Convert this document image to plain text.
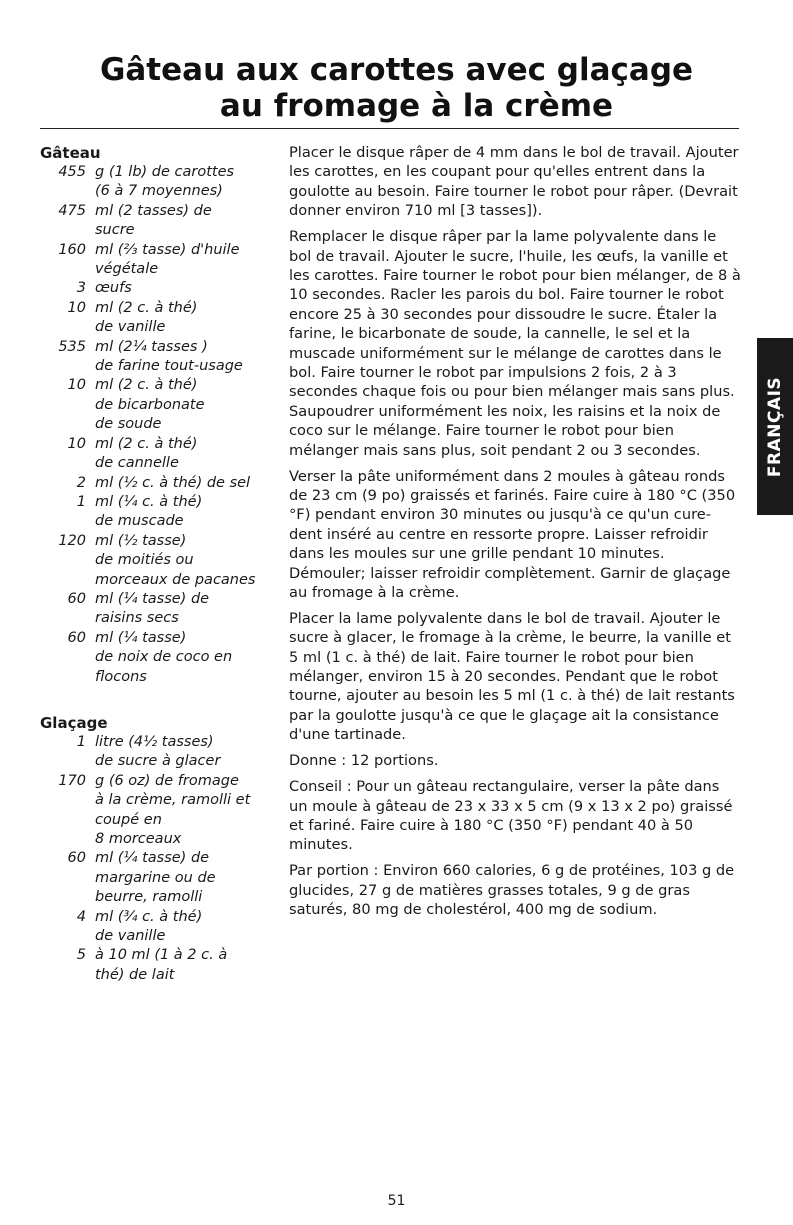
Gâteau aux carottes avec glaçage
au fromage à la crème
Gâteau
455 g (1 lb) de carottes
(6 à 7 moyennes)
475 ml (2 tasses) de
sucre
160 ml (⅔ tasse) d'huile
végétale
3 œufs
10 ml (2 c. à thé)
de vanille
535 ml (2¼ tasses )
de farine tout-usage
10 ml (2 c. à thé)
de bicarbonate
de soude
10 ml (2 c. à thé)
de cannelle
2 ml (½ c. à thé) de sel
1 ml (¼ c. à thé)
de muscade
120 ml (½ tasse)
de moitiés ou
morceaux de pacanes
60 ml (¼ tasse) de
raisins secs
60 ml (¼ tasse)
de noix de coco en
flocons
Glaçage
1 litre (4½ tasses)
de sucre à glacer
170 g (6 oz) de fromage
à la crème, ramolli et
coupé en
8 morceaux
60 ml (¼ tasse) de
margarine ou de
beurre, ramolli
4 ml (¾ c. à thé)
de vanille
5 à 10 ml (1 à 2 c. à
thé) de lait

Placer le disque râper de 4 mm dans le bol de travail. Ajouter les carottes, en les coupant pour qu'elles entrent dans la goulotte au besoin. Faire tourner le robot pour râper. (Devrait donner environ 710 ml [3 tasses]).

Remplacer le disque râper par la lame polyvalente dans le bol de travail. Ajouter le sucre, l'huile, les œufs, la vanille et les carottes. Faire tourner le robot pour bien mélanger, de 8 à 10 secondes. Racler les parois du bol. Faire tourner le robot encore 25 à 30 secondes pour dissoudre le sucre. Étaler la farine, le bicarbonate de soude, la cannelle, le sel et la muscade uniformément sur le mélange de carottes dans le bol. Faire tourner le robot par impulsions 2 fois, 2 à 3 secondes chaque fois ou pour bien mélanger mais sans plus. Saupoudrer uniformément les noix, les raisins et la noix de coco sur le mélange. Faire tourner le robot pour bien mélanger mais sans plus, soit pendant 2 ou 3 secondes.

Verser la pâte uniformément dans 2 moules à gâteau ronds de 23 cm (9 po) graissés et farinés. Faire cuire à 180 °C (350 °F) pendant environ 30 minutes ou jusqu'à ce qu'un cure-dent inséré au centre en ressorte propre. Laisser refroidir dans les moules sur une grille pendant 10 minutes. Démouler; laisser refroidir complètement. Garnir de glaçage au fromage à la crème.

Placer la lame polyvalente dans le bol de travail. Ajouter le sucre à glacer, le fromage à la crème, le beurre, la vanille et 5 ml (1 c. à thé) de lait. Faire tourner le robot pour bien mélanger, environ 15 à 20 secondes. Pendant que le robot tourne, ajouter au besoin les 5 ml (1 c. à thé) de lait restants par la goulotte jusqu'à ce que le glaçage ait la consistance d'une tartinade.

Donne : 12 portions.

Conseil : Pour un gâteau rectangulaire, verser la pâte dans un moule à gâteau de 23 x 33 x 5 cm (9 x 13 x 2 po) graissé et fariné. Faire cuire à 180 °C (350 °F) pendant 40 à 50 minutes.

Par portion : Environ 660 calories, 6 g de protéines, 103 g de glucides, 27 g de matières grasses totales, 9 g de gras saturés, 80 mg de cholestérol, 400 mg de sodium.

FRANÇAIS
51
